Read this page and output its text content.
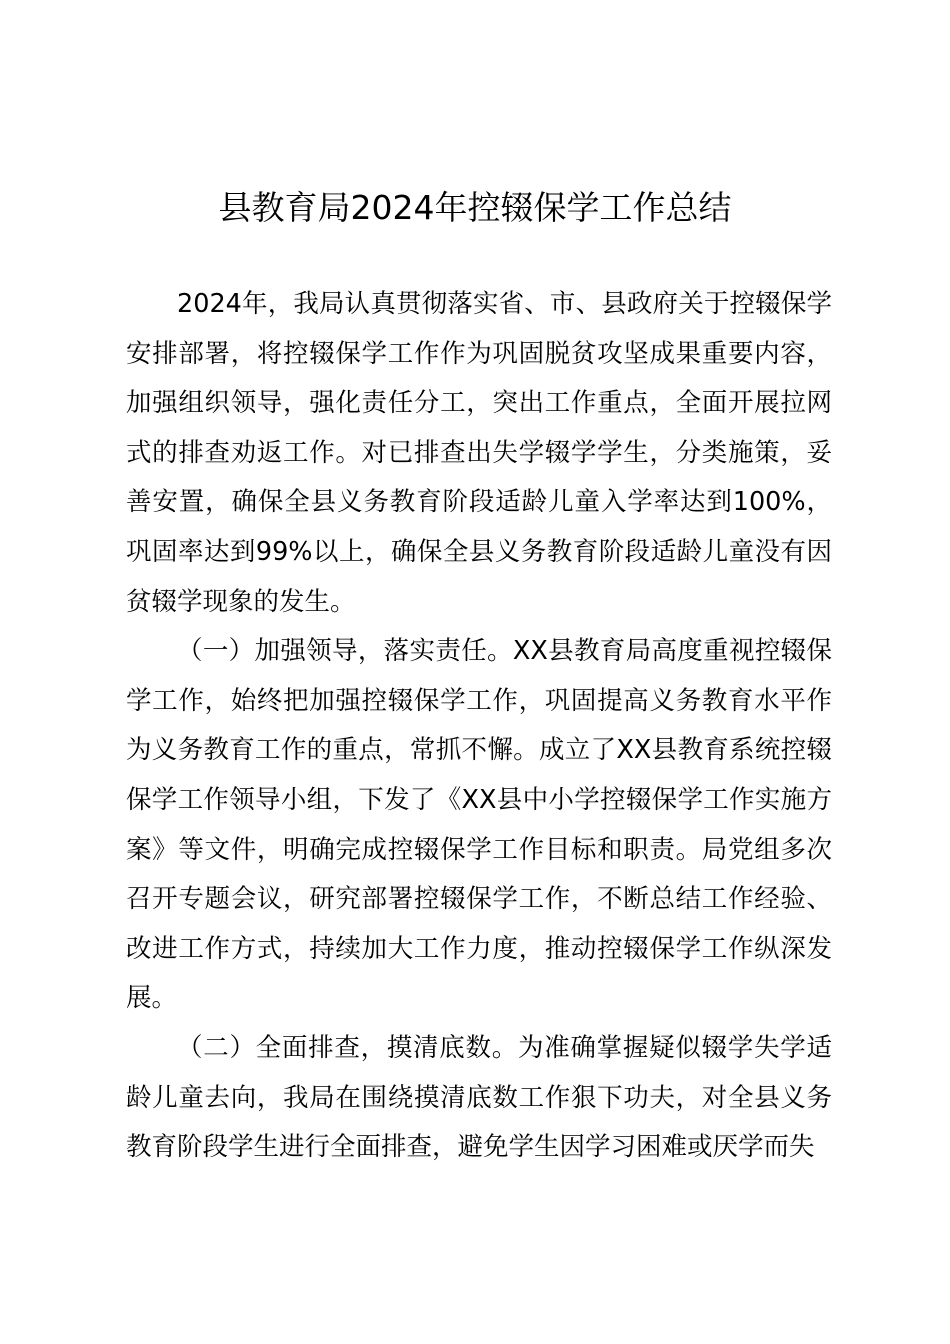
县教育局2024年控辍保学工作总结

2024年，我局认真贯彻落实省、市、县政府关于控辍保学安排部署，将控辍保学工作作为巩固脱贫攻坚成果重要内容，加强组织领导，强化责任分工，突出工作重点，全面开展拉网式的排查劝返工作。对已排查出失学辍学学生，分类施策，妥善安置，确保全县义务教育阶段适龄儿童入学率达到100%，巩固率达到99%以上，确保全县义务教育阶段适龄儿童没有因贫辍学现象的发生。

（一）加强领导，落实责任。XX县教育局高度重视控辍保学工作，始终把加强控辍保学工作，巩固提高义务教育水平作为义务教育工作的重点，常抓不懈。成立了XX县教育系统控辍保学工作领导小组，下发了《XX县中小学控辍保学工作实施方案》等文件，明确完成控辍保学工作目标和职责。局党组多次召开专题会议，研究部署控辍保学工作，不断总结工作经验、改进工作方式，持续加大工作力度，推动控辍保学工作纵深发展。

（二）全面排查，摸清底数。为准确掌握疑似辍学失学适龄儿童去向，我局在围绕摸清底数工作狠下功夫，对全县义务教育阶段学生进行全面排查，避免学生因学习困难或厌学而失
